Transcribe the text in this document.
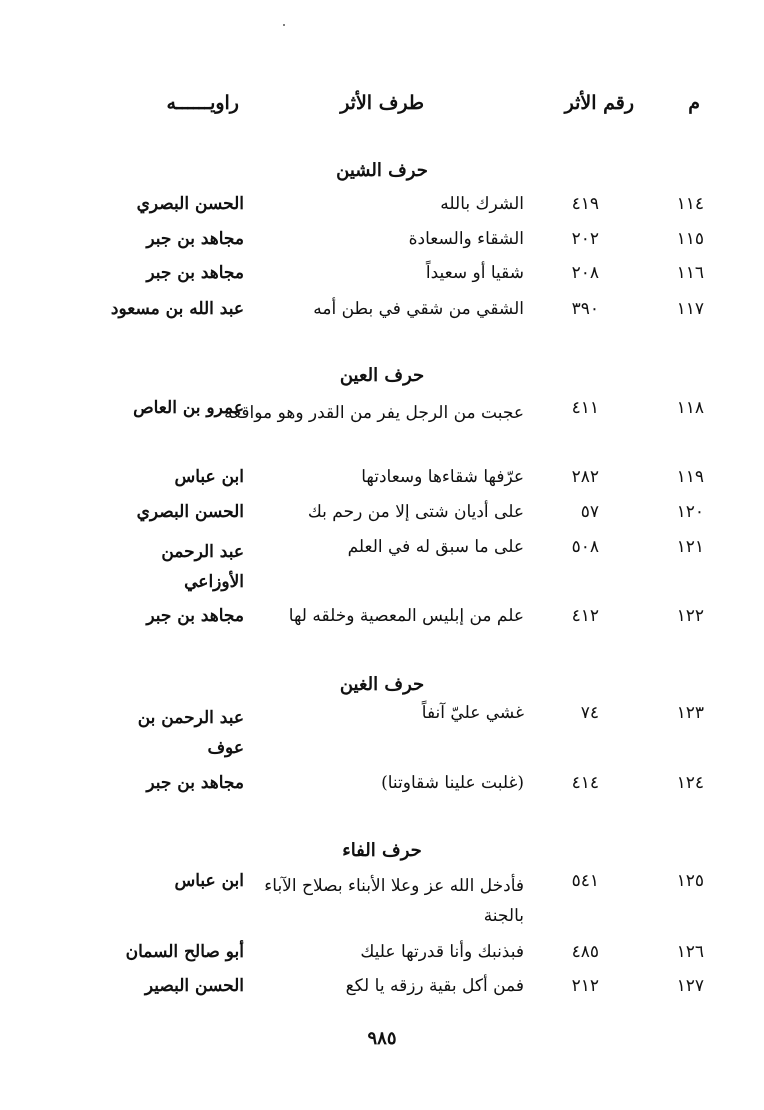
م
رقم الأثر
طرف الأثر
راويــــــه
حرف الشين
١١٤
٤١٩
الشرك بالله
الحسن البصري
١١٥
٢٠٢
الشقاء والسعادة
مجاهد بن جبر
١١٦
٢٠٨
شقيا أو سعيداً
مجاهد بن جبر
١١٧
٣٩٠
الشقي من شقي في بطن أمه
عبد الله بن مسعود
حرف العين
١١٨
٤١١
عجبت من الرجل يفر من القدر وهو مواقعه
عمرو بن العاص
١١٩
٢٨٢
عرّفها شقاءها وسعادتها
ابن عباس
١٢٠
٥٧
على أديان شتى إلا من رحم بك
الحسن البصري
١٢١
٥٠٨
على ما سبق له في العلم
عبد الرحمن الأوزاعي
١٢٢
٤١٢
علم من إبليس المعصية وخلقه لها
مجاهد بن جبر
حرف الغين
١٢٣
٧٤
غشي عليّ آنفاً
عبد الرحمن بن عوف
١٢٤
٤١٤
(غلبت علينا شقاوتنا)
مجاهد بن جبر
حرف الفاء
١٢٥
٥٤١
فأدخل الله عز وعلا الأبناء بصلاح الآباء بالجنة
ابن عباس
١٢٦
٤٨٥
فبذنبك وأنا قدرتها عليك
أبو صالح السمان
١٢٧
٢١٢
فمن أكل بقية رزقه يا لكع
الحسن البصير
٩٨٥
